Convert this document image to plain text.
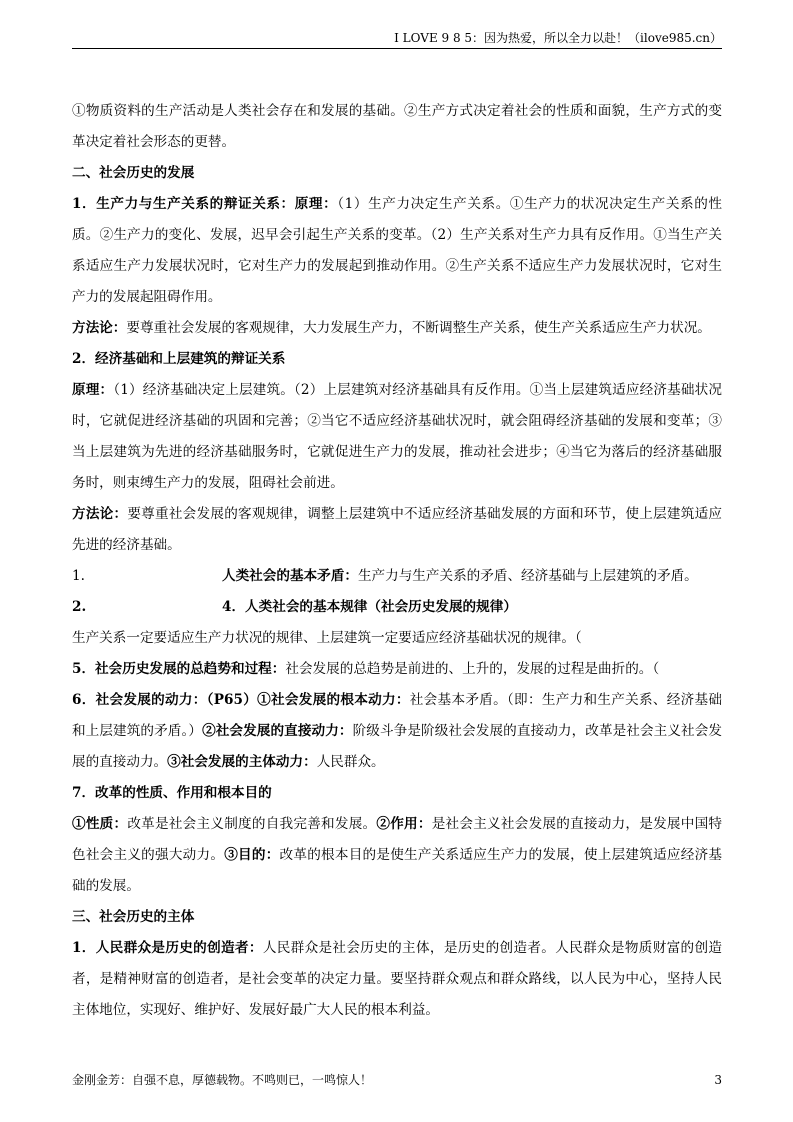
I LOVE 9 8 5：因为热爱，所以全力以赴！（ilove985.cn）

①物质资料的生产活动是人类社会存在和发展的基础。②生产方式决定着社会的性质和面貌，生产方式的变革决定着社会形态的更替。

二、社会历史的发展

1．生产力与生产关系的辩证关系：原理：（1）生产力决定生产关系。①生产力的状况决定生产关系的性质。②生产力的变化、发展，迟早会引起生产关系的变革。（2）生产关系对生产力具有反作用。①当生产关系适应生产力发展状况时，它对生产力的发展起到推动作用。②生产关系不适应生产力发展状况时，它对生产力的发展起阻碍作用。

方法论：要尊重社会发展的客观规律，大力发展生产力，不断调整生产关系，使生产关系适应生产力状况。

2．经济基础和上层建筑的辩证关系

原理：（1）经济基础决定上层建筑。（2）上层建筑对经济基础具有反作用。①当上层建筑适应经济基础状况时，它就促进经济基础的巩固和完善；②当它不适应经济基础状况时，就会阻碍经济基础的发展和变革；③当上层建筑为先进的经济基础服务时，它就促进生产力的发展，推动社会进步；④当它为落后的经济基础服务时，则束缚生产力的发展，阻碍社会前进。

方法论：要尊重社会发展的客观规律，调整上层建筑中不适应经济基础发展的方面和环节，使上层建筑适应先进的经济基础。

1.	人类社会的基本矛盾：生产力与生产关系的矛盾、经济基础与上层建筑的矛盾。

2.	4．人类社会的基本规律（社会历史发展的规律）

生产关系一定要适应生产力状况的规律、上层建筑一定要适应经济基础状况的规律。（

5．社会历史发展的总趋势和过程：社会发展的总趋势是前进的、上升的，发展的过程是曲折的。（

6．社会发展的动力：（P65）①社会发展的根本动力：社会基本矛盾。（即：生产力和生产关系、经济基础和上层建筑的矛盾。）②社会发展的直接动力：阶级斗争是阶级社会发展的直接动力，改革是社会主义社会发展的直接动力。③社会发展的主体动力：人民群众。

7．改革的性质、作用和根本目的

①性质：改革是社会主义制度的自我完善和发展。②作用：是社会主义社会发展的直接动力，是发展中国特色社会主义的强大动力。③目的：改革的根本目的是使生产关系适应生产力的发展，使上层建筑适应经济基础的发展。

三、社会历史的主体

1．人民群众是历史的创造者：人民群众是社会历史的主体，是历史的创造者。人民群众是物质财富的创造者，是精神财富的创造者，是社会变革的决定力量。要坚持群众观点和群众路线，以人民为中心，坚持人民主体地位，实现好、维护好、发展好最广大人民的根本利益。

金刚金芳：自强不息，厚德载物。不鸣则已，一鸣惊人！	3
